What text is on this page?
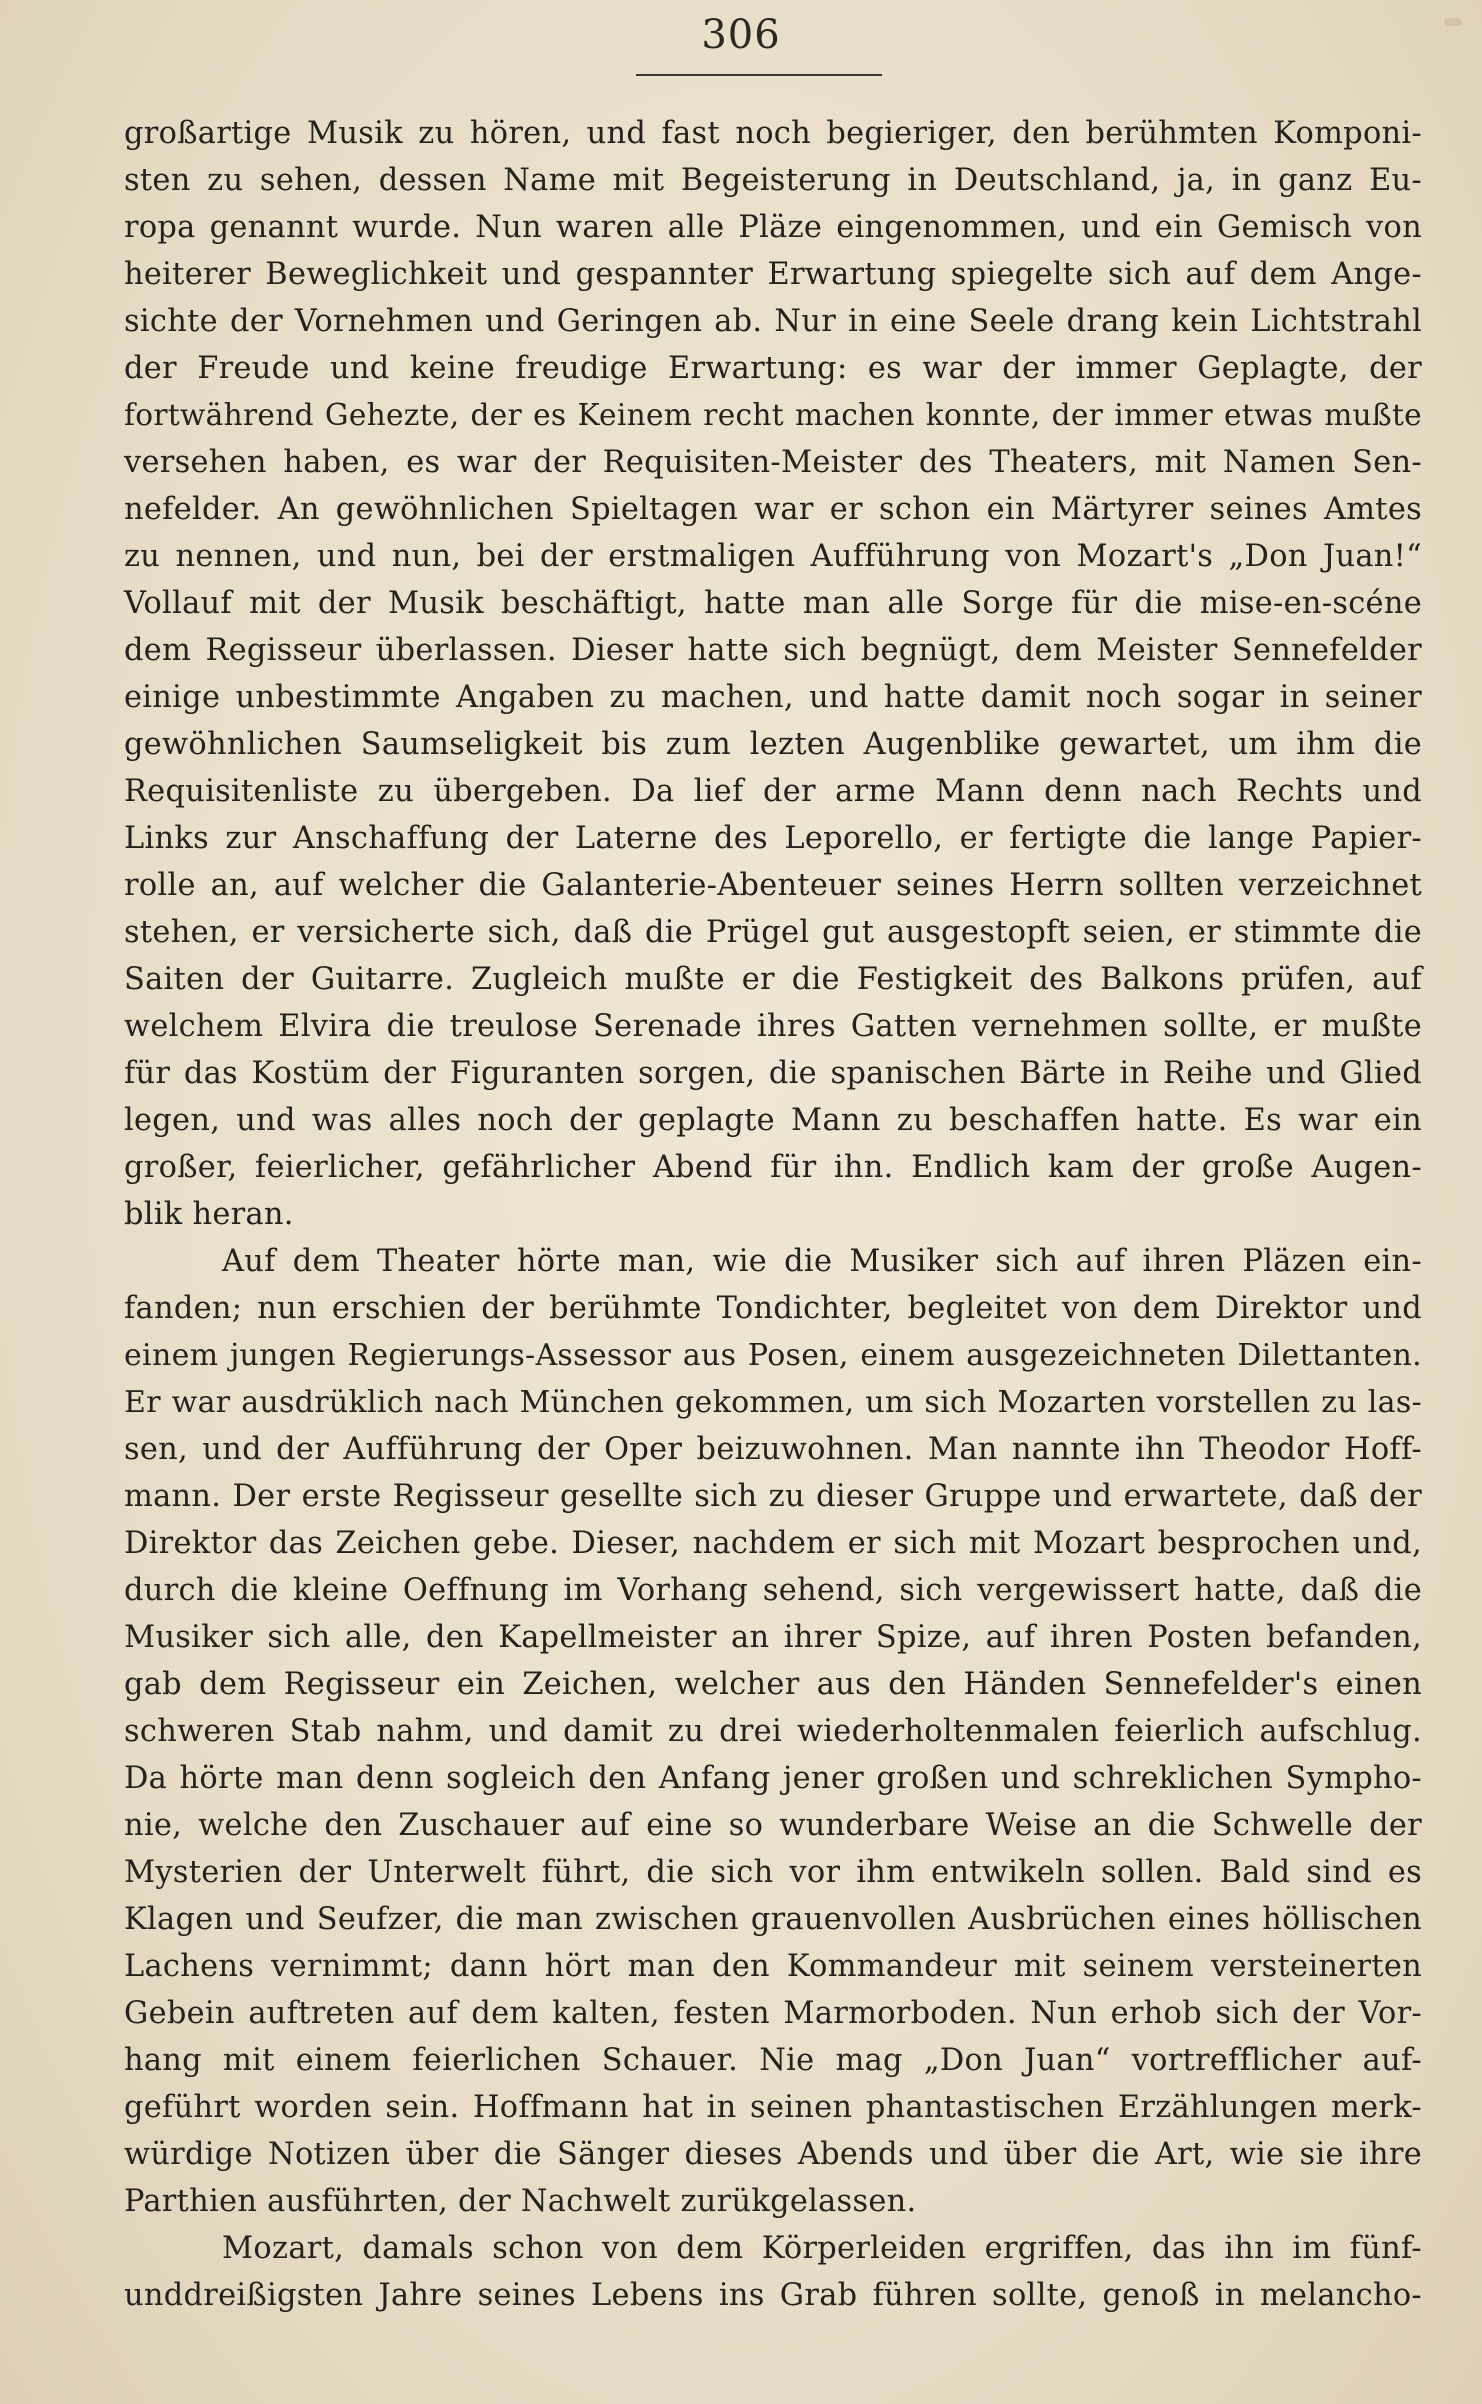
306
großartige Musik zu hören, und fast noch begieriger, den berühmten Komponi-
sten zu sehen, dessen Name mit Begeisterung in Deutschland, ja, in ganz Eu-
ropa genannt wurde. Nun waren alle Pläze eingenommen, und ein Gemisch von
heiterer Beweglichkeit und gespannter Erwartung spiegelte sich auf dem Ange-
sichte der Vornehmen und Geringen ab. Nur in eine Seele drang kein Lichtstrahl
der Freude und keine freudige Erwartung: es war der immer Geplagte, der
fortwährend Gehezte, der es Keinem recht machen konnte, der immer etwas mußte
versehen haben, es war der Requisiten-Meister des Theaters, mit Namen Sen-
nefelder. An gewöhnlichen Spieltagen war er schon ein Märtyrer seines Amtes
zu nennen, und nun, bei der erstmaligen Aufführung von Mozart's „Don Juan!“
Vollauf mit der Musik beschäftigt, hatte man alle Sorge für die mise-en-scéne
dem Regisseur überlassen. Dieser hatte sich begnügt, dem Meister Sennefelder
einige unbestimmte Angaben zu machen, und hatte damit noch sogar in seiner
gewöhnlichen Saumseligkeit bis zum lezten Augenblike gewartet, um ihm die
Requisitenliste zu übergeben. Da lief der arme Mann denn nach Rechts und
Links zur Anschaffung der Laterne des Leporello, er fertigte die lange Papier-
rolle an, auf welcher die Galanterie-Abenteuer seines Herrn sollten verzeichnet
stehen, er versicherte sich, daß die Prügel gut ausgestopft seien, er stimmte die
Saiten der Guitarre. Zugleich mußte er die Festigkeit des Balkons prüfen, auf
welchem Elvira die treulose Serenade ihres Gatten vernehmen sollte, er mußte
für das Kostüm der Figuranten sorgen, die spanischen Bärte in Reihe und Glied
legen, und was alles noch der geplagte Mann zu beschaffen hatte. Es war ein
großer, feierlicher, gefährlicher Abend für ihn. Endlich kam der große Augen-
blik heran.
Auf dem Theater hörte man, wie die Musiker sich auf ihren Pläzen ein-
fanden; nun erschien der berühmte Tondichter, begleitet von dem Direktor und
einem jungen Regierungs-Assessor aus Posen, einem ausgezeichneten Dilettanten.
Er war ausdrüklich nach München gekommen, um sich Mozarten vorstellen zu las-
sen, und der Aufführung der Oper beizuwohnen. Man nannte ihn Theodor Hoff-
mann. Der erste Regisseur gesellte sich zu dieser Gruppe und erwartete, daß der
Direktor das Zeichen gebe. Dieser, nachdem er sich mit Mozart besprochen und,
durch die kleine Oeffnung im Vorhang sehend, sich vergewissert hatte, daß die
Musiker sich alle, den Kapellmeister an ihrer Spize, auf ihren Posten befanden,
gab dem Regisseur ein Zeichen, welcher aus den Händen Sennefelder's einen
schweren Stab nahm, und damit zu drei wiederholtenmalen feierlich aufschlug.
Da hörte man denn sogleich den Anfang jener großen und schreklichen Sympho-
nie, welche den Zuschauer auf eine so wunderbare Weise an die Schwelle der
Mysterien der Unterwelt führt, die sich vor ihm entwikeln sollen. Bald sind es
Klagen und Seufzer, die man zwischen grauenvollen Ausbrüchen eines höllischen
Lachens vernimmt; dann hört man den Kommandeur mit seinem versteinerten
Gebein auftreten auf dem kalten, festen Marmorboden. Nun erhob sich der Vor-
hang mit einem feierlichen Schauer. Nie mag „Don Juan“ vortrefflicher auf-
geführt worden sein. Hoffmann hat in seinen phantastischen Erzählungen merk-
würdige Notizen über die Sänger dieses Abends und über die Art, wie sie ihre
Parthien ausführten, der Nachwelt zurükgelassen.
Mozart, damals schon von dem Körperleiden ergriffen, das ihn im fünf-
unddreißigsten Jahre seines Lebens ins Grab führen sollte, genoß in melancho-
